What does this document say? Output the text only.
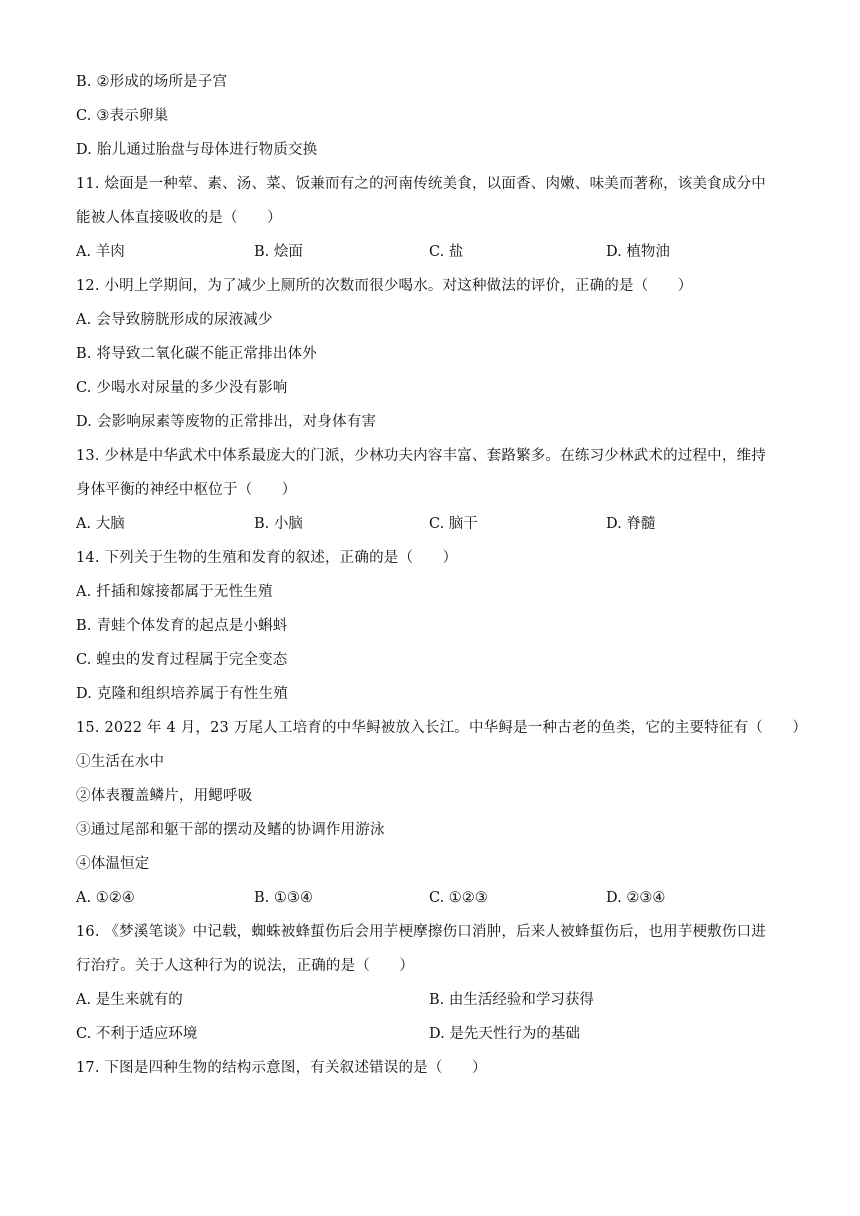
B. ②形成的场所是子宫
C. ③表示卵巢
D. 胎儿通过胎盘与母体进行物质交换
11. 烩面是一种荤、素、汤、菜、饭兼而有之的河南传统美食，以面香、肉嫩、味美而著称，该美食成分中
能被人体直接吸收的是（　　）
A. 羊肉	B. 烩面	C. 盐	D. 植物油
12. 小明上学期间，为了减少上厕所的次数而很少喝水。对这种做法的评价，正确的是（　　）
A. 会导致膀胱形成的尿液减少
B. 将导致二氧化碳不能正常排出体外
C. 少喝水对尿量的多少没有影响
D. 会影响尿素等废物的正常排出，对身体有害
13. 少林是中华武术中体系最庞大的门派，少林功夫内容丰富、套路繁多。在练习少林武术的过程中，维持
身体平衡的神经中枢位于（　　）
A. 大脑	B. 小脑	C. 脑干	D. 脊髓
14. 下列关于生物的生殖和发育的叙述，正确的是（　　）
A. 扦插和嫁接都属于无性生殖
B. 青蛙个体发育的起点是小蝌蚪
C. 蝗虫的发育过程属于完全变态
D. 克隆和组织培养属于有性生殖
15. 2022 年 4 月，23 万尾人工培育的中华鲟被放入长江。中华鲟是一种古老的鱼类，它的主要特征有（　　）
①生活在水中
②体表覆盖鳞片，用鳃呼吸
③通过尾部和躯干部的摆动及鳍的协调作用游泳
④体温恒定
A. ①②④	B. ①③④	C. ①②③	D. ②③④
16. 《梦溪笔谈》中记载，蜘蛛被蜂蜇伤后会用芋梗摩擦伤口消肿，后来人被蜂蜇伤后，也用芋梗敷伤口进
行治疗。关于人这种行为的说法，正确的是（　　）
A. 是生来就有的	B. 由生活经验和学习获得
C. 不利于适应环境	D. 是先天性行为的基础
17. 下图是四种生物的结构示意图，有关叙述错误的是（　　）
